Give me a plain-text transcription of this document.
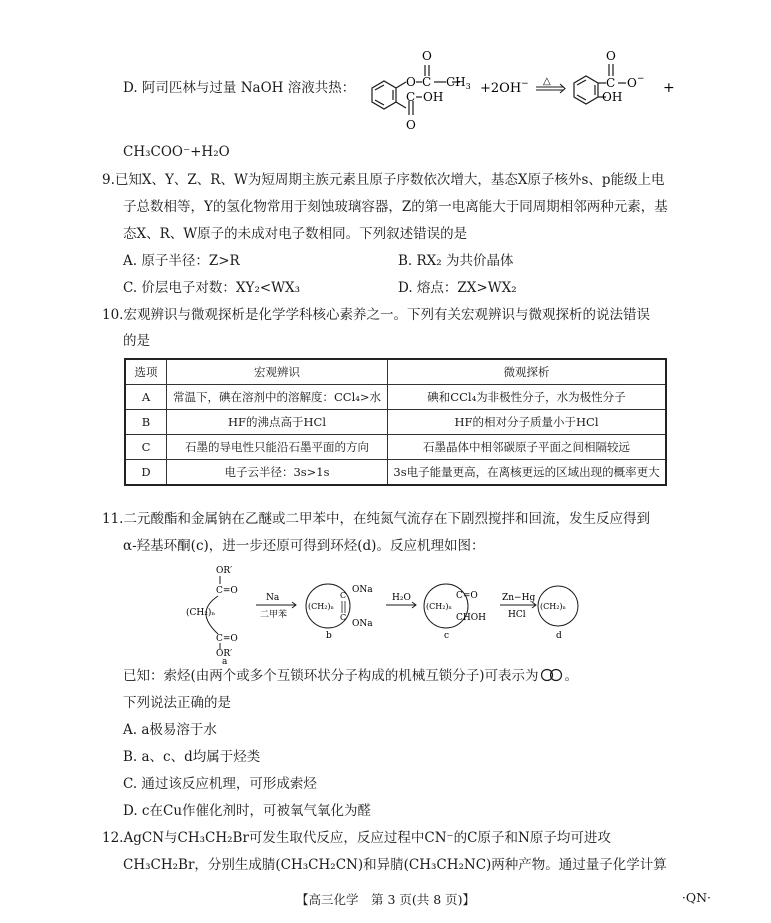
D. 阿司匹林与过量 NaOH 溶液共热：	O
O
C $CH_3$
C OH
O
+2OH− △
O
C O−
OH
+
CH₃COO⁻+H₂O
9.已知X、Y、Z、R、W为短周期主族元素且原子序数依次增大，基态X原子核外s、p能级上电
子总数相等，Y的氢化物常用于刻蚀玻璃容器，Z的第一电离能大于同周期相邻两种元素，基
态X、R、W原子的未成对电子数相同。下列叙述错误的是
A. 原子半径：Z>R	B. RX₂ 为共价晶体
C. 价层电子对数：XY₂<WX₃	D. 熔点：ZX>WX₂
10.宏观辨识与微观探析是化学学科核心素养之一。下列有关宏观辨识与微观探析的说法错误
的是
选项	宏观辨识	微观探析
A	常温下，碘在溶剂中的溶解度：CCl₄>水	碘和CCl₄为非极性分子，水为极性分子
B	HF的沸点高于HCl	HF的相对分子质量小于HCl
C	石墨的导电性只能沿石墨平面的方向	石墨晶体中相邻碳原子平面之间相隔较远
D	电子云半径：3s>1s	3s电子能量更高，在离核更远的区域出现的概率更大
11.二元酸酯和金属钠在乙醚或二甲苯中，在纯氮气流存在下剧烈搅拌和回流，发生反应得到
α-羟基环酮(c)，进一步还原可得到环烃(d)。反应机理如图：
OR′
C=O
(CH₂)ₙ
C=O
OR′
a
Na
二甲苯
(CH₂)ₙ
C
C
ONa
ONa
b
H₂O
(CH₂)ₙ
C=O
CHOH
c
Zn−Hg
HCl
(CH₂)ₙ
d
已知：索烃(由两个或多个互锁环状分子构成的机械互锁分子)可表示为 。
下列说法正确的是
A. a极易溶于水
B. a、c、d均属于烃类
C. 通过该反应机理，可形成索烃
D. c在Cu作催化剂时，可被氧气氧化为醛
12.AgCN与CH₃CH₂Br可发生取代反应，反应过程中CN⁻的C原子和N原子均可进攻
CH₃CH₂Br，分别生成腈(CH₃CH₂CN)和异腈(CH₃CH₂NC)两种产物。通过量子化学计算
【高三化学　第 3 页(共 8 页)】	·QN·
